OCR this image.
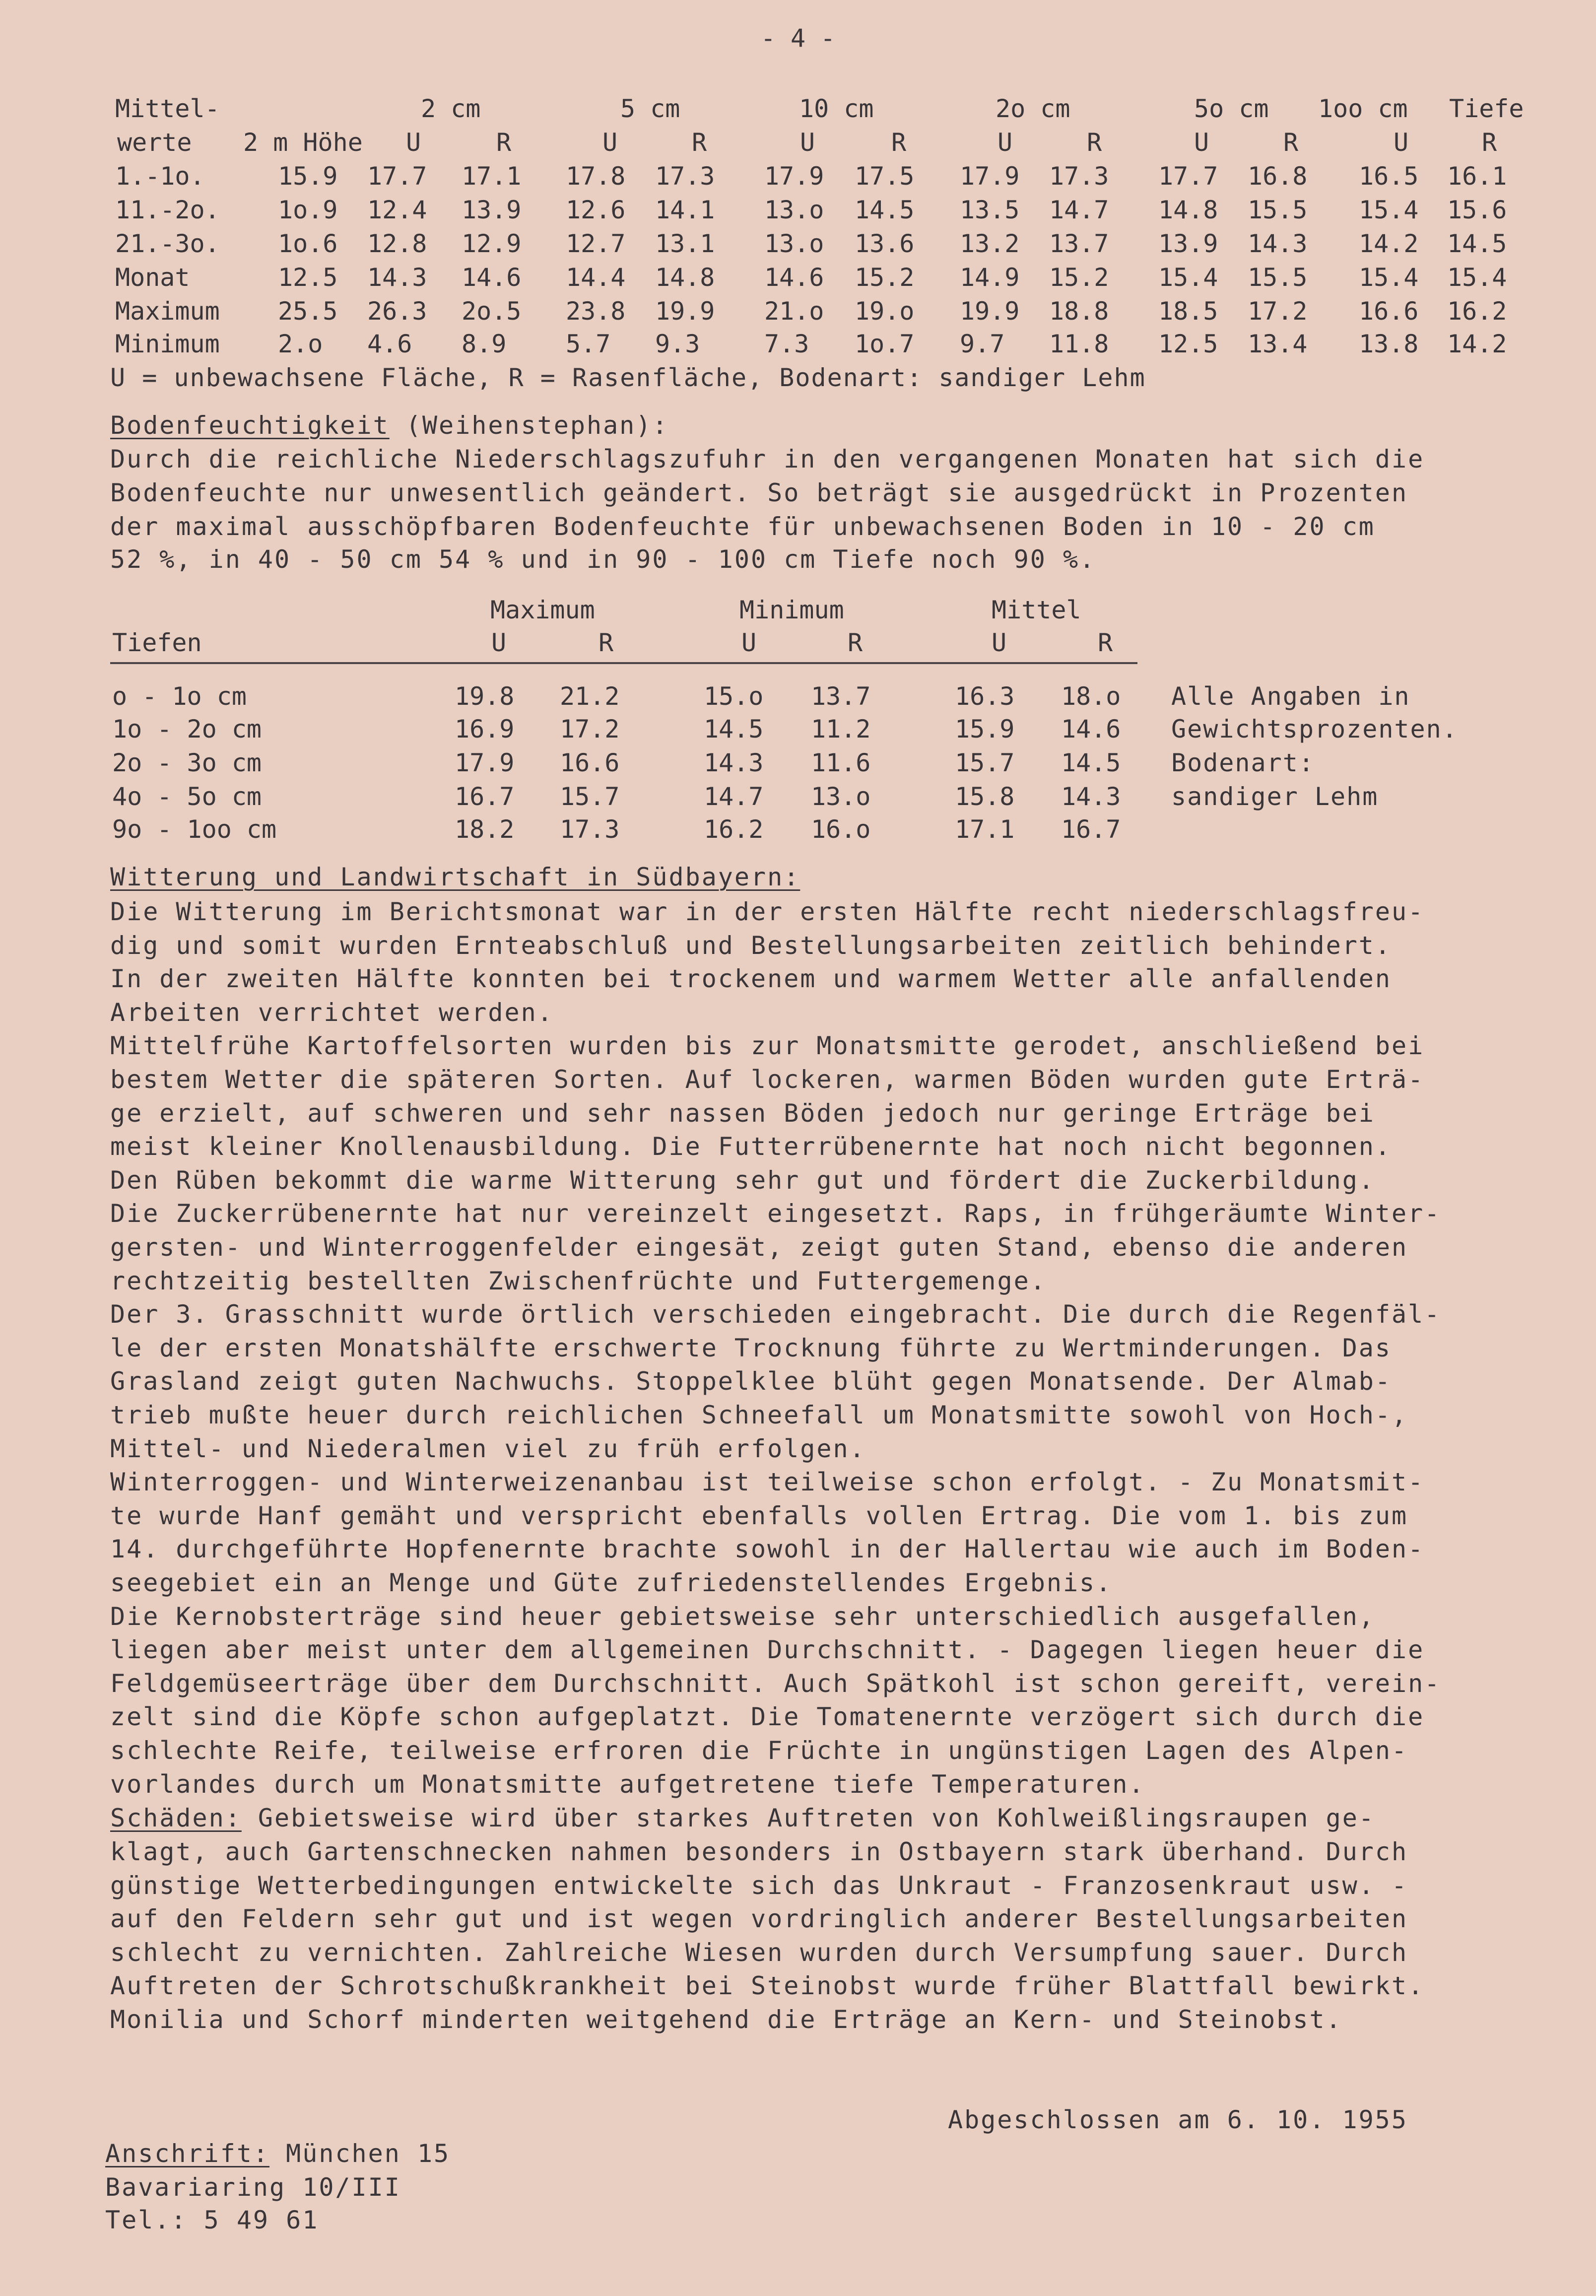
- 4 -
Mittel-	2 cm	5 cm	10 cm	2o cm	5o cm 1oo cm Tiefe
werte 2 m Höhe U	R	U	R	U	R	U	R	U	R	U	R
1.-1o.	15.9 17.7 17.1 17.8 17.3 17.9 17.5 17.9 17.3 17.7 16.8 16.5 16.1
11.-2o. 1o.9 12.4 13.9 12.6 14.1 13.o 14.5 13.5 14.7 14.8 15.5 15.4 15.6
21.-3o. 1o.6 12.8 12.9 12.7 13.1 13.o 13.6 13.2 13.7 13.9 14.3 14.2 14.5
Monat	12.5 14.3 14.6 14.4 14.8 14.6 15.2 14.9 15.2 15.4 15.5 15.4 15.4
Maximum 25.5 26.3 2o.5 23.8 19.9 21.o 19.o 19.9 18.8 18.5 17.2 16.6 16.2
Minimum 2.o 4.6 8.9 5.7 9.3	7.3 1o.7 9.7 11.8 12.5 13.4 13.8 14.2
U = unbewachsene Fläche, R = Rasenfläche, Bodenart: sandiger Lehm
Bodenfeuchtigkeit (Weihenstephan):
Durch die reichliche Niederschlagszufuhr in den vergangenen Monaten hat sich die
Bodenfeuchte nur unwesentlich geändert. So beträgt sie ausgedrückt in Prozenten
der maximal ausschöpfbaren Bodenfeuchte für unbewachsenen Boden in 10 - 20 cm
52 %, in 40 - 50 cm 54 % und in 90 - 100 cm Tiefe noch 90 %.
Maximum	Minimum	Mittel
Tiefen	U	R	U	R	U	R
o - 1o cm	19.8 21.2	15.o 13.7	16.3 18.o
1o - 2o cm	16.9 17.2	14.5 11.2	15.9 14.6
2o - 3o cm	17.9 16.6	14.3 11.6	15.7 14.5
4o - 5o cm	16.7 15.7	14.7 13.o	15.8 14.3
9o - 1oo cm	18.2 17.3	16.2 16.o	17.1 16.7
Alle Angaben in
Gewichtsprozenten.
Bodenart:
sandiger Lehm
Witterung und Landwirtschaft in Südbayern:
Die Witterung im Berichtsmonat war in der ersten Hälfte recht niederschlagsfreu-
dig und somit wurden Ernteabschluß und Bestellungsarbeiten zeitlich behindert.
In der zweiten Hälfte konnten bei trockenem und warmem Wetter alle anfallenden
Arbeiten verrichtet werden.
Mittelfrühe Kartoffelsorten wurden bis zur Monatsmitte gerodet, anschließend bei
bestem Wetter die späteren Sorten. Auf lockeren, warmen Böden wurden gute Erträ-
ge erzielt, auf schweren und sehr nassen Böden jedoch nur geringe Erträge bei
meist kleiner Knollenausbildung. Die Futterrübenernte hat noch nicht begonnen.
Den Rüben bekommt die warme Witterung sehr gut und fördert die Zuckerbildung.
Die Zuckerrübenernte hat nur vereinzelt eingesetzt. Raps, in frühgeräumte Winter-
gersten- und Winterroggenfelder eingesät, zeigt guten Stand, ebenso die anderen
rechtzeitig bestellten Zwischenfrüchte und Futtergemenge.
Der 3. Grasschnitt wurde örtlich verschieden eingebracht. Die durch die Regenfäl-
le der ersten Monatshälfte erschwerte Trocknung führte zu Wertminderungen. Das
Grasland zeigt guten Nachwuchs. Stoppelklee blüht gegen Monatsende. Der Almab-
trieb mußte heuer durch reichlichen Schneefall um Monatsmitte sowohl von Hoch-,
Mittel- und Niederalmen viel zu früh erfolgen.
Winterroggen- und Winterweizenanbau ist teilweise schon erfolgt. - Zu Monatsmit-
te wurde Hanf gemäht und verspricht ebenfalls vollen Ertrag. Die vom 1. bis zum
14. durchgeführte Hopfenernte brachte sowohl in der Hallertau wie auch im Boden-
seegebiet ein an Menge und Güte zufriedenstellendes Ergebnis.
Die Kernobsterträge sind heuer gebietsweise sehr unterschiedlich ausgefallen,
liegen aber meist unter dem allgemeinen Durchschnitt. - Dagegen liegen heuer die
Feldgemüseerträge über dem Durchschnitt. Auch Spätkohl ist schon gereift, verein-
zelt sind die Köpfe schon aufgeplatzt. Die Tomatenernte verzögert sich durch die
schlechte Reife, teilweise erfroren die Früchte in ungünstigen Lagen des Alpen-
vorlandes durch um Monatsmitte aufgetretene tiefe Temperaturen.
Schäden: Gebietsweise wird über starkes Auftreten von Kohlweißlingsraupen ge-
klagt, auch Gartenschnecken nahmen besonders in Ostbayern stark überhand. Durch
günstige Wetterbedingungen entwickelte sich das Unkraut - Franzosenkraut usw. -
auf den Feldern sehr gut und ist wegen vordringlich anderer Bestellungsarbeiten
schlecht zu vernichten. Zahlreiche Wiesen wurden durch Versumpfung sauer. Durch
Auftreten der Schrotschußkrankheit bei Steinobst wurde früher Blattfall bewirkt.
Monilia und Schorf minderten weitgehend die Erträge an Kern- und Steinobst.
Abgeschlossen am 6. 10. 1955
Anschrift: München 15
Bavariaring 10/III
Tel.: 5 49 61
